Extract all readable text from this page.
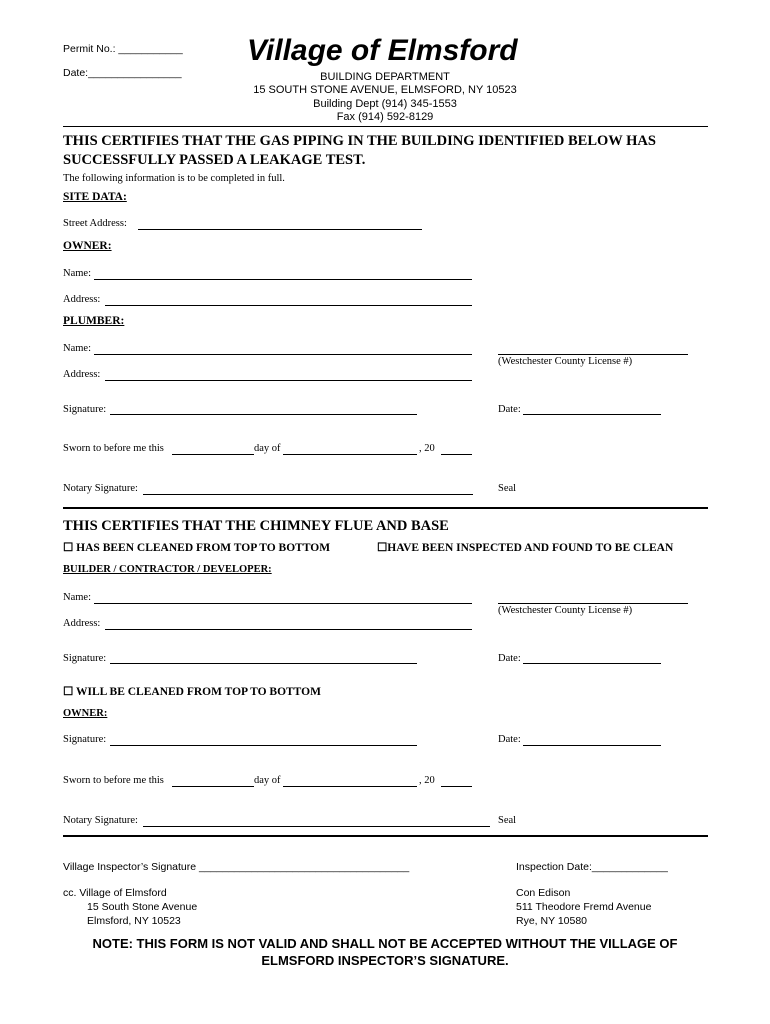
Permit No.: ___________
Date:________________
Village of Elmsford
BUILDING DEPARTMENT
15 SOUTH STONE AVENUE, ELMSFORD, NY 10523
Building Dept (914) 345-1553
Fax (914) 592-8129
THIS CERTIFIES THAT THE GAS PIPING IN THE BUILDING IDENTIFIED BELOW HAS
SUCCESSFULLY PASSED A LEAKAGE TEST.
The following information is to be completed in full.
SITE DATA:
Street Address:
OWNER:
Name:
Address:
PLUMBER:
Name:
(Westchester County License #)
Address:
Signature:	Date:
Sworn to before me this	day of	, 20
Notary Signature:	Seal
THIS CERTIFIES THAT THE CHIMNEY FLUE AND BASE
☐ HAS BEEN CLEANED FROM TOP TO BOTTOM	☐HAVE BEEN INSPECTED AND FOUND TO BE CLEAN
BUILDER / CONTRACTOR / DEVELOPER:
Name:
(Westchester County License #)
Address:
Signature:	Date:
☐ WILL BE CLEANED FROM TOP TO BOTTOM
OWNER:
Signature:	Date:
Sworn to before me this	day of	, 20
Notary Signature:	Seal
Village Inspector’s Signature ____________________________________	Inspection Date:_____________
cc. Village of Elmsford
15 South Stone Avenue
Elmsford, NY 10523
Con Edison
511 Theodore Fremd Avenue
Rye, NY 10580
NOTE: THIS FORM IS NOT VALID AND SHALL NOT BE ACCEPTED WITHOUT THE VILLAGE OF
ELMSFORD INSPECTOR’S SIGNATURE.
